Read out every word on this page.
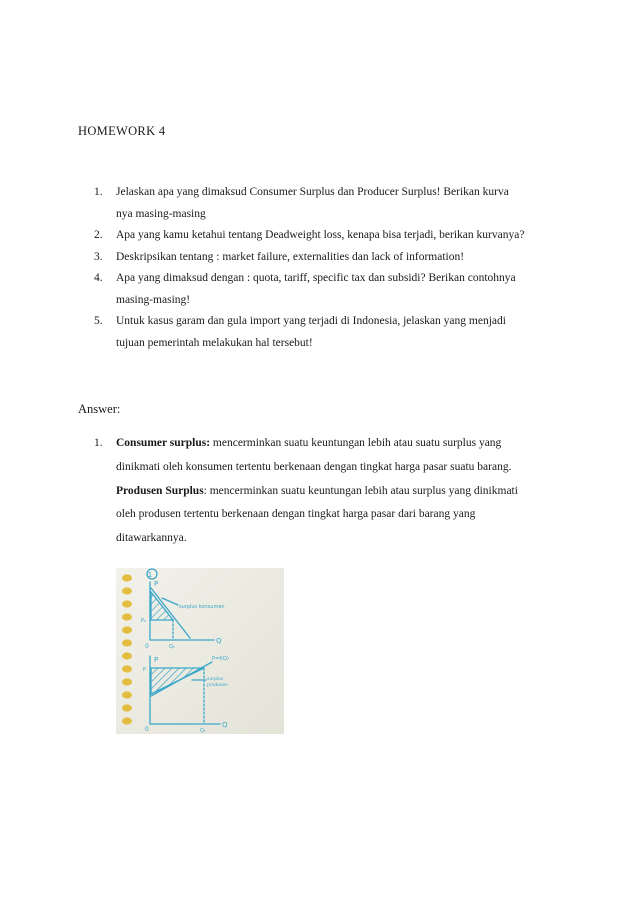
HOMEWORK 4
1. Jelaskan apa yang dimaksud Consumer Surplus dan Producer Surplus! Berikan kurva
nya masing-masing
2. Apa yang kamu ketahui tentang Deadweight loss, kenapa bisa terjadi, berikan kurvanya?
3. Deskripsikan tentang : market failure, externalities dan lack of information!
4. Apa yang dimaksud dengan : quota, tariff, specific tax dan subsidi? Berikan contohnya
masing-masing!
5. Untuk kasus garam dan gula import yang terjadi di Indonesia, jelaskan yang menjadi
tujuan pemerintah melakukan hal tersebut!
Answer:
1. Consumer surplus: mencerminkan suatu keuntungan lebih atau suatu surplus yang
dinikmati oleh konsumen tertentu berkenaan dengan tingkat harga pasar suatu barang.
Produsen Surplus: mencerminkan suatu keuntungan lebih atau surplus yang dinikmati
oleh produsen tertentu berkenaan dengan tingkat harga pasar dari barang yang
ditawarkannya.
1
P
surplus konsumen
P₀
0	Q₀
Q
P	P=f(Q)
P
surplus
produsen
0	Q₁
Q
